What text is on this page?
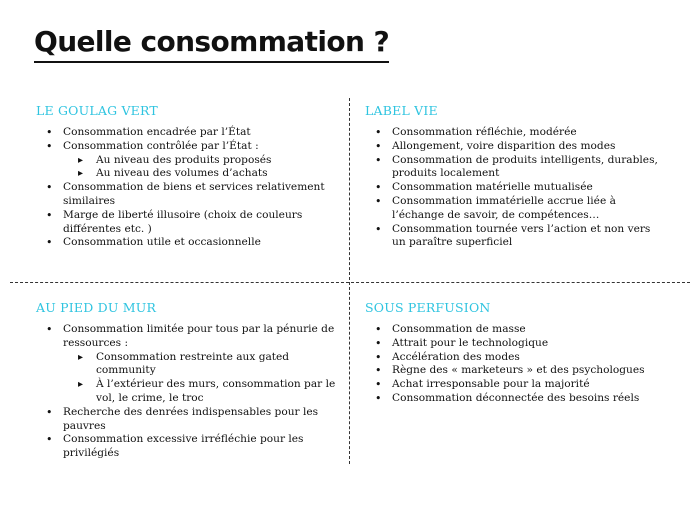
Quelle consommation ?
LE GOULAG VERT
• Consommation encadrée par l’État
• Consommation contrôlée par l’État :
▸ Au niveau des produits proposés
▸ Au niveau des volumes d’achats
• Consommation de biens et services relativement similaires
• Marge de liberté illusoire (choix de couleurs différentes etc. )
• Consommation utile et occasionnelle
LABEL VIE
• Consommation réfléchie, modérée
• Allongement, voire disparition des modes
• Consommation de produits intelligents, durables, produits localement
• Consommation matérielle mutualisée
• Consommation immatérielle accrue liée à l’échange de savoir, de compétences…
• Consommation tournée vers l’action et non vers un paraître superficiel
AU PIED DU MUR
• Consommation limitée pour tous par la pénurie de ressources :
▸ Consommation restreinte aux gated community
▸ À l’extérieur des murs, consommation par le vol, le crime, le troc
• Recherche des denrées indispensables pour les pauvres
• Consommation excessive irréfléchie pour les privilégiés
SOUS PERFUSION
• Consommation de masse
• Attrait pour le technologique
• Accélération des modes
• Règne des « marketeurs » et des psychologues
• Achat irresponsable pour la majorité
• Consommation déconnectée des besoins réels
